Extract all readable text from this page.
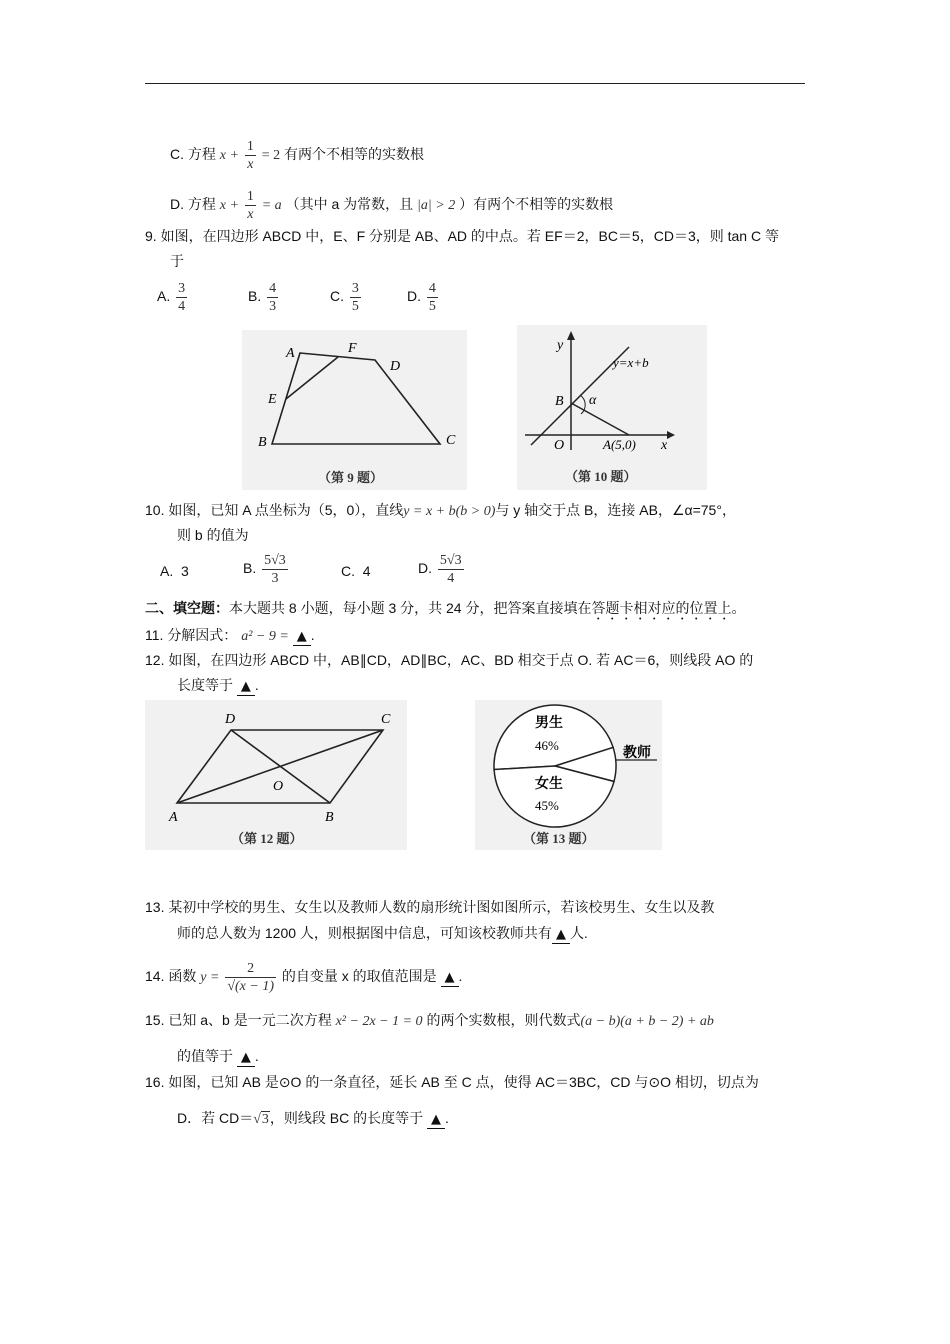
C. 方程 $x + \frac{1}{x} = 2$ 有两个不相等的实数根
D. 方程 $x + \frac{1}{x} = a$ （其中 a 为常数，且 |a| > 2 ）有两个不相等的实数根
9. 如图，在四边形 ABCD 中，E、F 分别是 AB、AD 的中点。若 EF＝2，BC＝5，CD＝3，则 tan C 等
于
A. $\frac{3}{4}$	B. $\frac{4}{3}$	C. $\frac{3}{5}$	D. $\frac{4}{5}$
A	F
D
E
B	C
（第 9 题）
y
y=x+b
B α
O	A(5,0) x
（第 10 题）
10. 如图，已知 A 点坐标为（5，0），直线y = x + b(b > 0)与 y 轴交于点 B，连接 AB，∠α=75°，
则 b 的值为
A. 3	B. $\frac{5√3}{3}$	C. 4	D. $\frac{5√3}{4}$
二、填空题：本大题共 8 小题，每小题 3 分，共 24 分，把答案直接填在答题卡相对应的位置上。
11. 分解因式： a² − 9 = ▲ .
12. 如图，在四边形 ABCD 中，AB∥CD，AD∥BC，AC、BD 相交于点 O. 若 AC＝6，则线段 AO 的
长度等于 ▲ .
D	C
O
A	B
（第 12 题）
男生
46%
女生
45%
教师
（第 13 题）
13. 某初中学校的男生、女生以及教师人数的扇形统计图如图所示，若该校男生、女生以及教
师的总人数为 1200 人，则根据图中信息，可知该校教师共有 ▲ 人.
14. 函数 $y = \frac{2}{√(x - 1)}$ 的自变量 x 的取值范围是 ▲ .
15. 已知 a、b 是一元二次方程 x² − 2x − 1 = 0 的两个实数根，则代数式(a − b)(a + b − 2) + ab
的值等于 ▲ .
16. 如图，已知 AB 是⊙O 的一条直径，延长 AB 至 C 点，使得 AC＝3BC，CD 与⊙O 相切，切点为
D．若 CD＝√3，则线段 BC 的长度等于 ▲ .
